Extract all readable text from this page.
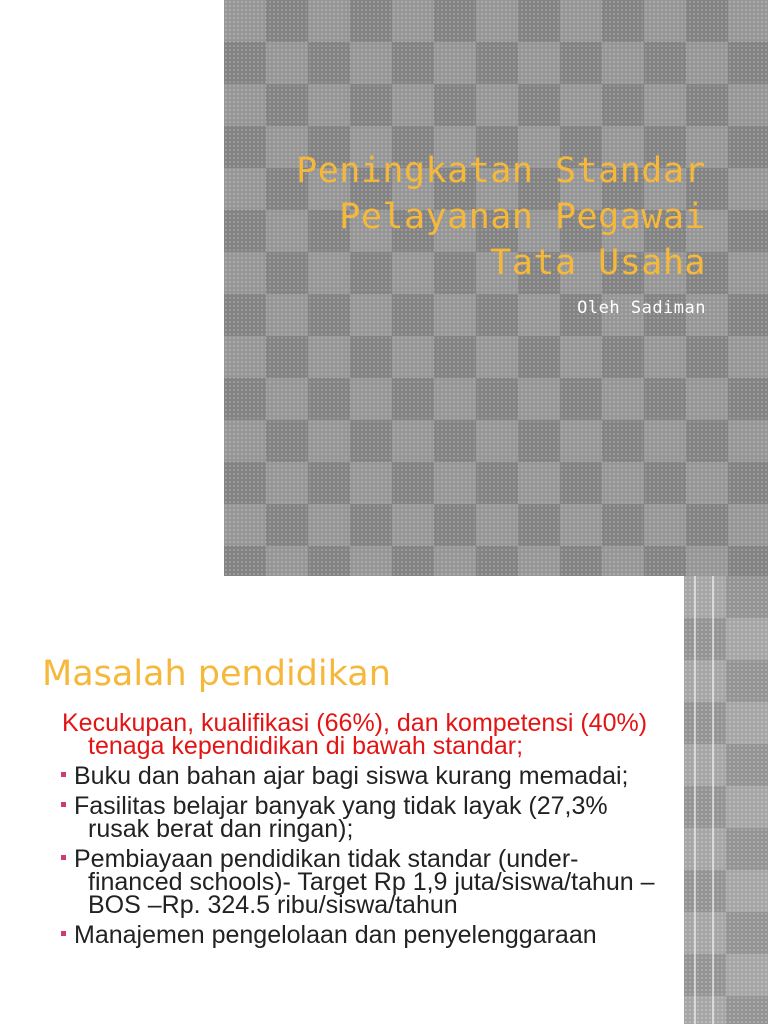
Peningkatan Standar
Pelayanan Pegawai
Tata Usaha

Oleh Sadiman

Masalah pendidikan
Kecukupan, kualifikasi (66%), dan kompetensi (40%) tenaga kependidikan di bawah standar;
Buku dan bahan ajar bagi siswa kurang memadai;
Fasilitas belajar banyak yang tidak layak (27,3% rusak berat dan ringan);
Pembiayaan pendidikan tidak standar (under-financed schools)- Target Rp 1,9 juta/siswa/tahun – BOS –Rp. 324.5 ribu/siswa/tahun
Manajemen pengelolaan dan penyelenggaraan
